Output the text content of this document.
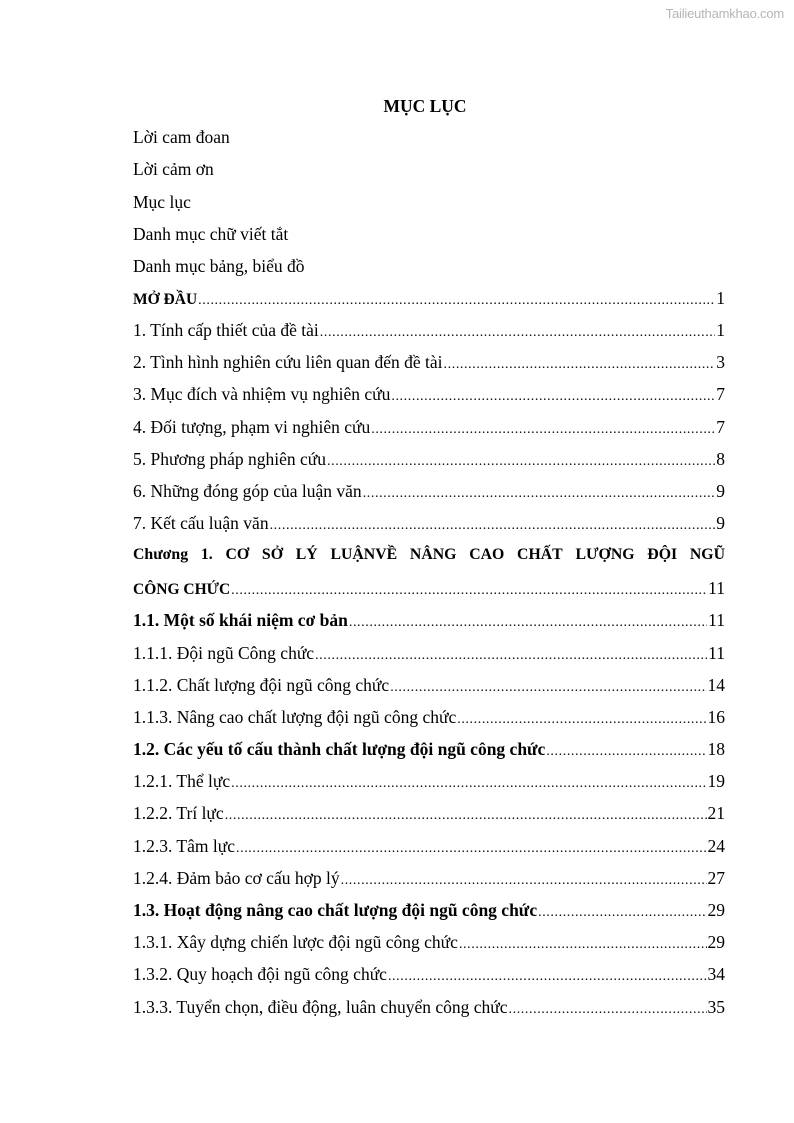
Tailieuthamkhao.com
MỤC LỤC
Lời cam đoan
Lời cảm ơn
Mục lục
Danh mục chữ viết tắt
Danh mục bảng, biểu đồ
MỞ ĐẦU .....	1
1. Tính cấp thiết của đề tài .....	1
2. Tình hình nghiên cứu liên quan đến đề tài .....	3
3. Mục đích và nhiệm vụ nghiên cứu .....	7
4. Đối tượng, phạm vi nghiên cứu .....	7
5. Phương pháp nghiên cứu .....	8
6. Những đóng góp của luận văn .....	9
7. Kết cấu luận văn .....	9
Chương 1. CƠ SỞ LÝ LUẬNVỀ NÂNG CAO CHẤT LƯỢNG ĐỘI NGŨ
CÔNG CHỨC .....	11
1.1. Một số khái niệm cơ bản .....	11
1.1.1. Đội ngũ Công chức .....	11
1.1.2. Chất lượng đội ngũ công chức .....	14
1.1.3. Nâng cao chất lượng đội ngũ công chức .....	16
1.2. Các yếu tố cấu thành chất lượng đội ngũ công chức .....	18
1.2.1. Thể lực .....	19
1.2.2. Trí lực .....	21
1.2.3. Tâm lực .....	24
1.2.4. Đảm bảo cơ cấu hợp lý .....	27
1.3. Hoạt động nâng cao chất lượng đội ngũ công chức .....	29
1.3.1. Xây dựng chiến lược đội ngũ công chức .....	29
1.3.2. Quy hoạch đội ngũ công chức .....	34
1.3.3. Tuyển chọn, điều động, luân chuyển công chức .....	35
